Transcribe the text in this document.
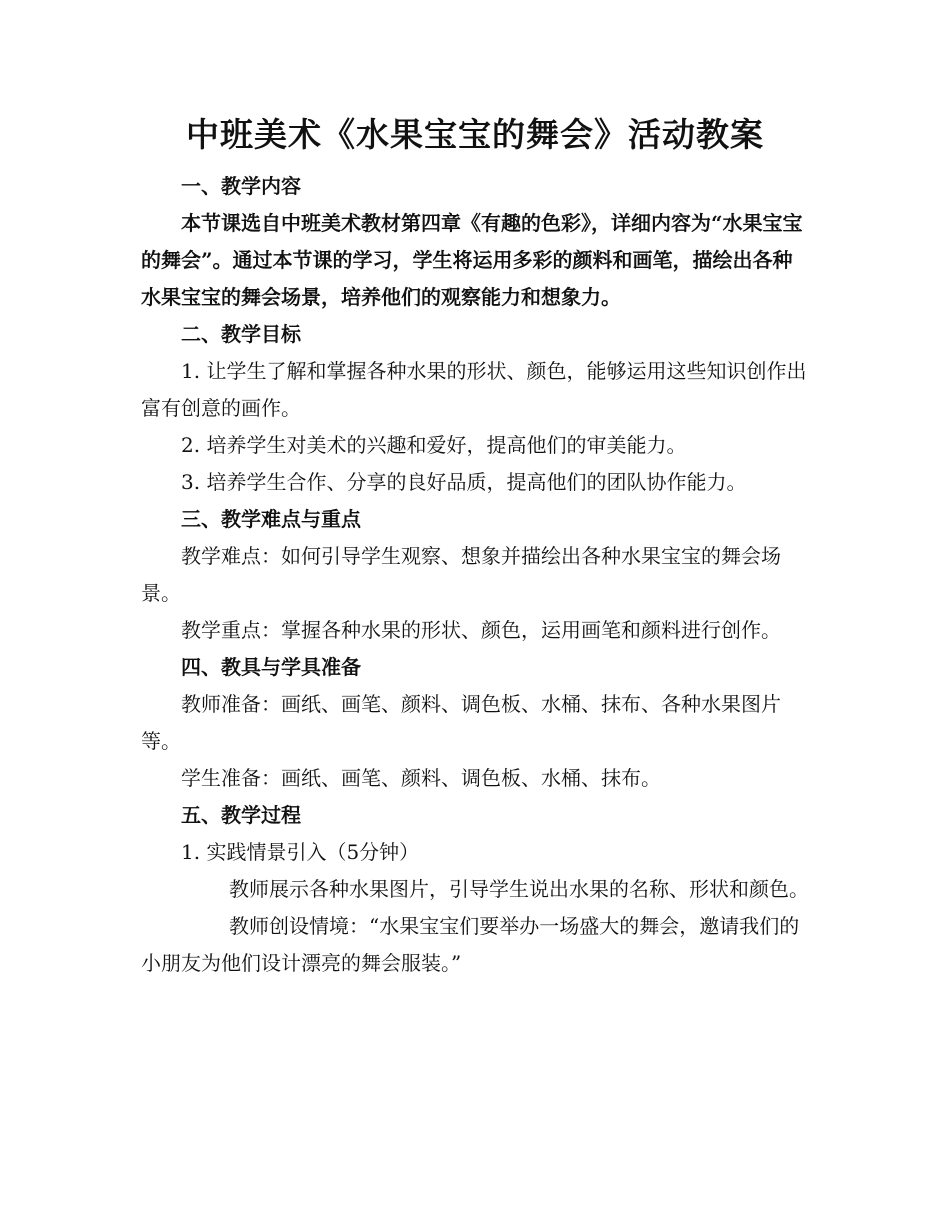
中班美术《水果宝宝的舞会》活动教案

一、教学内容

本节课选自中班美术教材第四章《有趣的色彩》，详细内容为“水果宝宝的舞会”。通过本节课的学习，学生将运用多彩的颜料和画笔，描绘出各种水果宝宝的舞会场景，培养他们的观察能力和想象力。

二、教学目标

1. 让学生了解和掌握各种水果的形状、颜色，能够运用这些知识创作出富有创意的画作。

2. 培养学生对美术的兴趣和爱好，提高他们的审美能力。

3. 培养学生合作、分享的良好品质，提高他们的团队协作能力。

三、教学难点与重点

教学难点：如何引导学生观察、想象并描绘出各种水果宝宝的舞会场景。

教学重点：掌握各种水果的形状、颜色，运用画笔和颜料进行创作。

四、教具与学具准备

教师准备：画纸、画笔、颜料、调色板、水桶、抹布、各种水果图片等。

学生准备：画纸、画笔、颜料、调色板、水桶、抹布。

五、教学过程

1. 实践情景引入（5分钟）

教师展示各种水果图片，引导学生说出水果的名称、形状和颜色。

教师创设情境：“水果宝宝们要举办一场盛大的舞会，邀请我们的小朋友为他们设计漂亮的舞会服装。”
